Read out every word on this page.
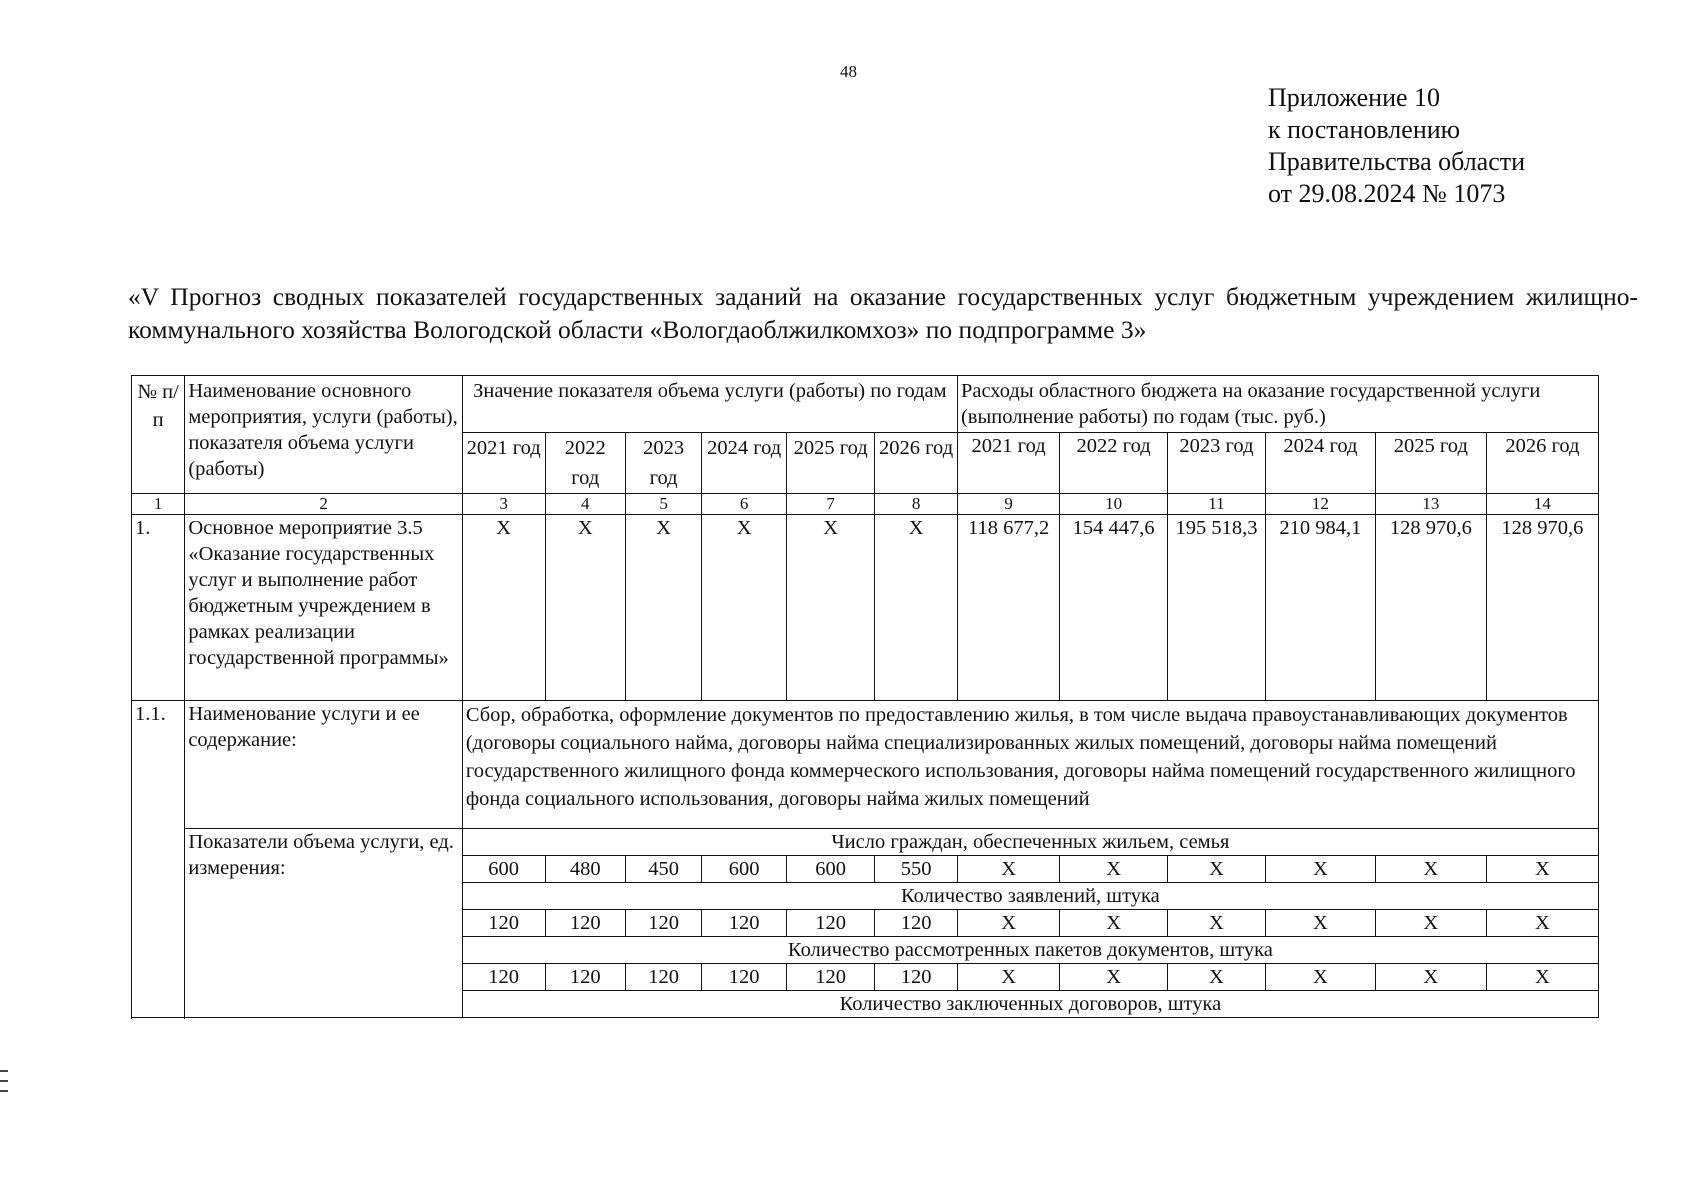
48
Приложение 10
к постановлению
Правительства области
от 29.08.2024 № 1073
«V Прогноз сводных показателей государственных заданий на оказание государственных услуг бюджетным учреждением жилищно-коммунального хозяйства Вологодской области «Вологдаоблжилкомхоз» по подпрограмме 3»
№ п/п	Наименование основного мероприятия, услуги (работы), показателя объема услуги (работы)	Значение показателя объема услуги (работы) по годам						Расходы областного бюджета на оказание государственной услуги (выполнение работы) по годам (тыс. руб.)					
		2021 год	2022 год	2023 год	2024 год	2025 год	2026 год	2021 год	2022 год	2023 год	2024 год	2025 год	2026 год
1	2	3	4	5	6	7	8	9	10	11	12	13	14
1.	Основное мероприятие 3.5 «Оказание государственных услуг и выполнение работ бюджетным учреждением в рамках реализации государственной программы»	Х	Х	Х	Х	Х	Х	118 677,2	154 447,6	195 518,3	210 984,1	128 970,6	128 970,6
1.1.	Наименование услуги и ее содержание:	Сбор, обработка, оформление документов по предоставлению жилья, в том числе выдача правоустанавливающих документов (договоры социального найма, договоры найма специализированных жилых помещений, договоры найма помещений государственного жилищного фонда коммерческого использования, договоры найма помещений государственного жилищного фонда социального использования, договоры найма жилых помещений											
	Показатели объема услуги, ед. измерения:	Число граждан, обеспеченных жильем, семья											
		600	480	450	600	600	550	Х	Х	Х	Х	Х	Х
		Количество заявлений, штука											
		120	120	120	120	120	120	Х	Х	Х	Х	Х	Х
		Количество рассмотренных пакетов документов, штука											
		120	120	120	120	120	120	Х	Х	Х	Х	Х	Х
		Количество заключенных договоров, штука											
